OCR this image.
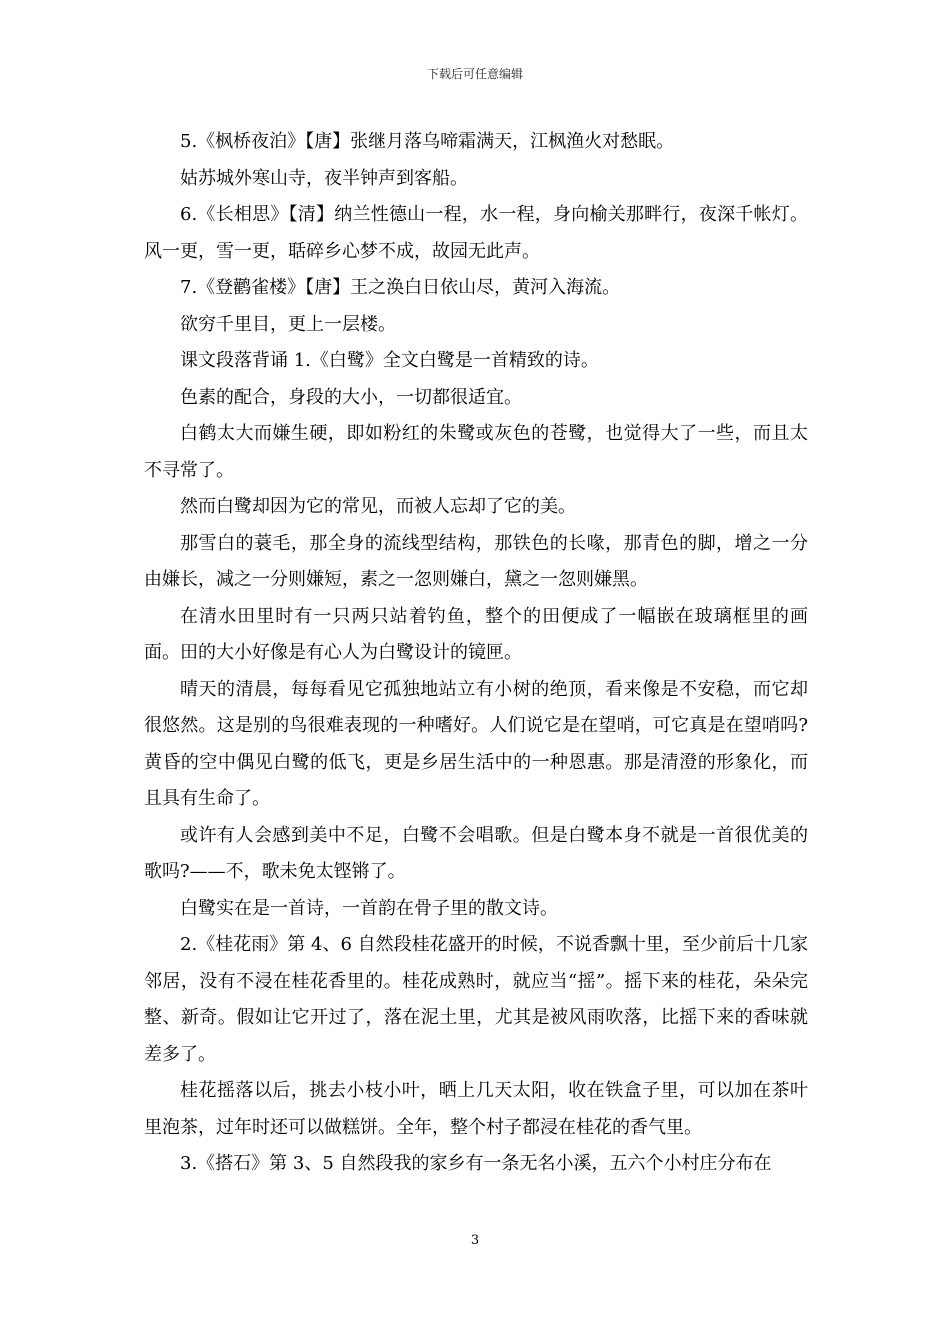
下载后可任意编辑

5.《枫桥夜泊》【唐】张继月落乌啼霜满天，江枫渔火对愁眠。

姑苏城外寒山寺，夜半钟声到客船。

6.《长相思》【清】纳兰性德山一程，水一程，身向榆关那畔行，夜深千帐灯。风一更，雪一更，聒碎乡心梦不成，故园无此声。

7.《登鹳雀楼》【唐】王之涣白日依山尽，黄河入海流。

欲穷千里目，更上一层楼。

课文段落背诵 1.《白鹭》全文白鹭是一首精致的诗。

色素的配合，身段的大小，一切都很适宜。

白鹤太大而嫌生硬，即如粉红的朱鹭或灰色的苍鹭，也觉得大了一些，而且太不寻常了。

然而白鹭却因为它的常见，而被人忘却了它的美。

那雪白的蓑毛，那全身的流线型结构，那铁色的长喙，那青色的脚，增之一分由嫌长，减之一分则嫌短，素之一忽则嫌白，黛之一忽则嫌黑。

在清水田里时有一只两只站着钓鱼，整个的田便成了一幅嵌在玻璃框里的画面。田的大小好像是有心人为白鹭设计的镜匣。

晴天的清晨，每每看见它孤独地站立有小树的绝顶，看来像是不安稳，而它却很悠然。这是别的鸟很难表现的一种嗜好。人们说它是在望哨，可它真是在望哨吗?黄昏的空中偶见白鹭的低飞，更是乡居生活中的一种恩惠。那是清澄的形象化，而且具有生命了。

或许有人会感到美中不足，白鹭不会唱歌。但是白鹭本身不就是一首很优美的歌吗?——不，歌未免太铿锵了。

白鹭实在是一首诗，一首韵在骨子里的散文诗。

2.《桂花雨》第 4、6 自然段桂花盛开的时候，不说香飘十里，至少前后十几家邻居，没有不浸在桂花香里的。桂花成熟时，就应当“摇”。摇下来的桂花，朵朵完整、新奇。假如让它开过了，落在泥土里，尤其是被风雨吹落，比摇下来的香味就差多了。

桂花摇落以后，挑去小枝小叶，晒上几天太阳，收在铁盒子里，可以加在茶叶里泡茶，过年时还可以做糕饼。全年，整个村子都浸在桂花的香气里。

3.《搭石》第 3、5 自然段我的家乡有一条无名小溪，五六个小村庄分布在

3
